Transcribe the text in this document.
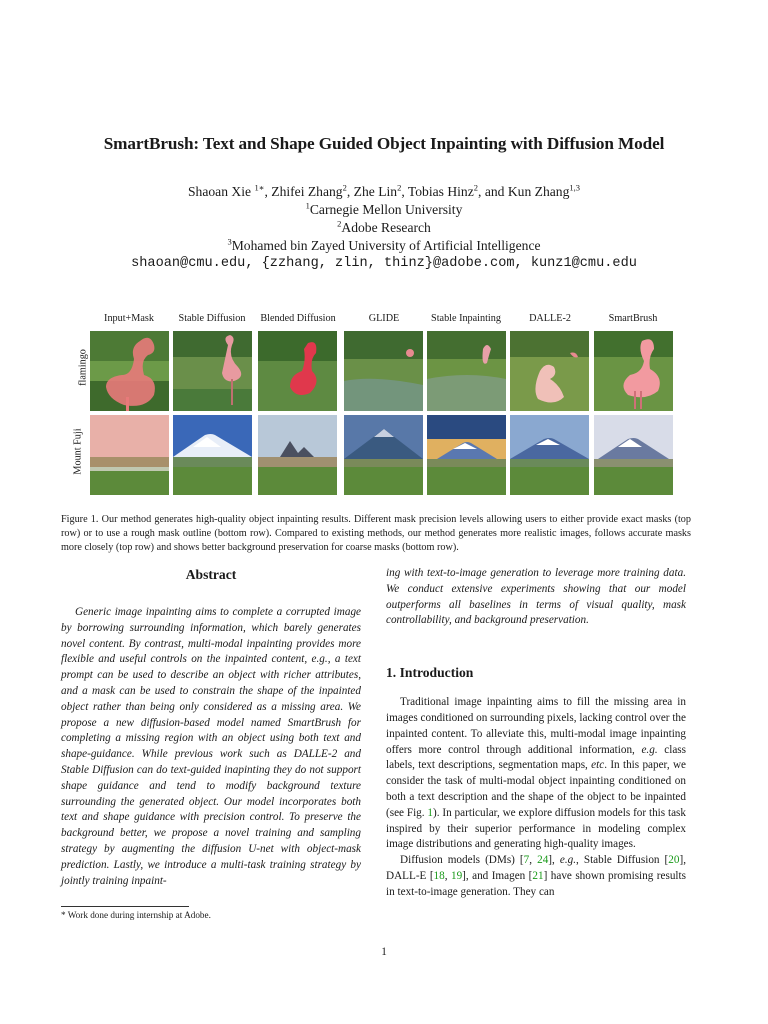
SmartBrush: Text and Shape Guided Object Inpainting with Diffusion Model
Shaoan Xie $^{1∗}$, Zhifei Zhang$^2$, Zhe Lin$^2$, Tobias Hinz$^2$, and Kun Zhang$^{1,3}$
$^1$Carnegie Mellon University
$^2$Adobe Research
$^3$Mohamed bin Zayed University of Artificial Intelligence
shaoan@cmu.edu, {zzhang, zlin, thinz}@adobe.com, kunz1@cmu.edu
Input+Mask Stable Diffusion Blended Diffusion	GLIDE	Stable Inpainting	DALLE-2	SmartBrush
flamingo
Mount Fuji

Figure 1. Our method generates high-quality object inpainting results. Different mask precision levels allowing users to either provide exact masks (top row) or to use a rough mask outline (bottom row). Compared to existing methods, our method generates more realistic images, follows accurate masks more closely (top row) and shows better background preservation for coarse masks (bottom row).

Abstract

Generic image inpainting aims to complete a corrupted image by borrowing surrounding information, which barely generates novel content. By contrast, multi-modal inpainting provides more flexible and useful controls on the inpainted content, e.g., a text prompt can be used to describe an object with richer attributes, and a mask can be used to constrain the shape of the inpainted object rather than being only considered as a missing area. We propose a new diffusion-based model named SmartBrush for completing a missing region with an object using both text and shape-guidance. While previous work such as DALLE-2 and Stable Diffusion can do text-guided inapinting they do not support shape guidance and tend to modify background texture surrounding the generated object. Our model incorporates both text and shape guidance with precision control. To preserve the background better, we propose a novel training and sampling strategy by augmenting the diffusion U-net with object-mask prediction. Lastly, we introduce a multi-task training strategy by jointly training inpaint-

ing with text-to-image generation to leverage more training data. We conduct extensive experiments showing that our model outperforms all baselines in terms of visual quality, mask controllability, and background preservation.

1. Introduction

Traditional image inpainting aims to fill the missing area in images conditioned on surrounding pixels, lacking control over the inpainted content. To alleviate this, multi-modal image inpainting offers more control through additional information, e.g. class labels, text descriptions, segmentation maps, etc. In this paper, we consider the task of multi-modal object inpainting conditioned on both a text description and the shape of the object to be inpainted (see Fig. 1). In particular, we explore diffusion models for this task inspired by their superior performance in modeling complex image distributions and generating high-quality images.

Diffusion models (DMs) [7, 24], e.g., Stable Diffusion [20], DALL-E [18, 19], and Imagen [21] have shown promising results in text-to-image generation. They can

* Work done during internship at Adobe.
1
